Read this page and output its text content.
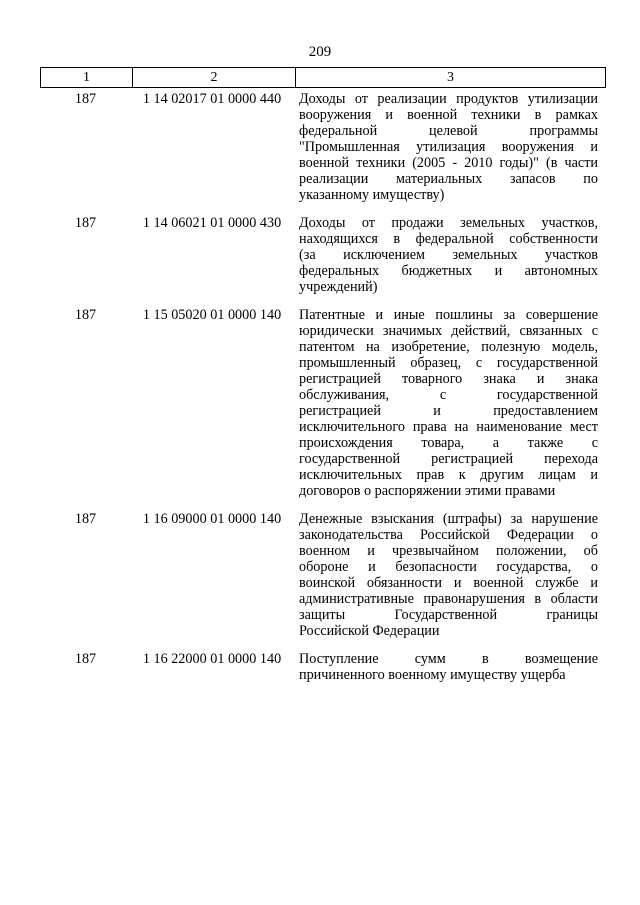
209
1	2	3
187	1 14 02017 01 0000 440	Доходы от реализации продуктов утилизации
вооружения и военной техники в рамках
федеральной целевой программы
"Промышленная утилизация вооружения и
военной техники (2005 - 2010 годы)" (в части
реализации материальных запасов по
указанному имуществу)
187	1 14 06021 01 0000 430	Доходы от продажи земельных участков,
находящихся в федеральной собственности
(за исключением земельных участков
федеральных бюджетных и автономных
учреждений)
187	1 15 05020 01 0000 140	Патентные и иные пошлины за совершение
юридически значимых действий, связанных с
патентом на изобретение, полезную модель,
промышленный образец, с государственной
регистрацией товарного знака и знака
обслуживания, с государственной
регистрацией и предоставлением
исключительного права на наименование мест
происхождения товара, а также с
государственной регистрацией перехода
исключительных прав к другим лицам и
договоров о распоряжении этими правами
187	1 16 09000 01 0000 140	Денежные взыскания (штрафы) за нарушение
законодательства Российской Федерации о
военном и чрезвычайном положении, об
обороне и безопасности государства, о
воинской обязанности и военной службе и
административные правонарушения в области
защиты Государственной границы
Российской Федерации
187	1 16 22000 01 0000 140	Поступление сумм в возмещение
причиненного военному имуществу ущерба
